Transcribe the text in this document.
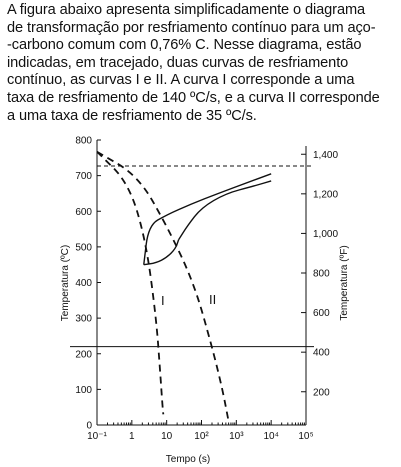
A figura abaixo apresenta simplificadamente o diagrama
de transformação por resfriamento contínuo para um aço-
-carbono comum com 0,76% C. Nesse diagrama, estão
indicadas, em tracejado, duas curvas de resfriamento
contínuo, as curvas I e II. A curva I corresponde a uma
taxa de resfriamento de 140 ºC/s, e a curva II corresponde
a uma taxa de resfriamento de 35 ºC/s.

10⁻¹ 1	10 10² 10³ 10⁴ 10⁵
0
100
200
300
400
500
600
700
800
200
400
600
800
1,000
1,200
1,400
Tempo (s)
Temperatura (ºC)	Temperatura (ºF)
I	II
